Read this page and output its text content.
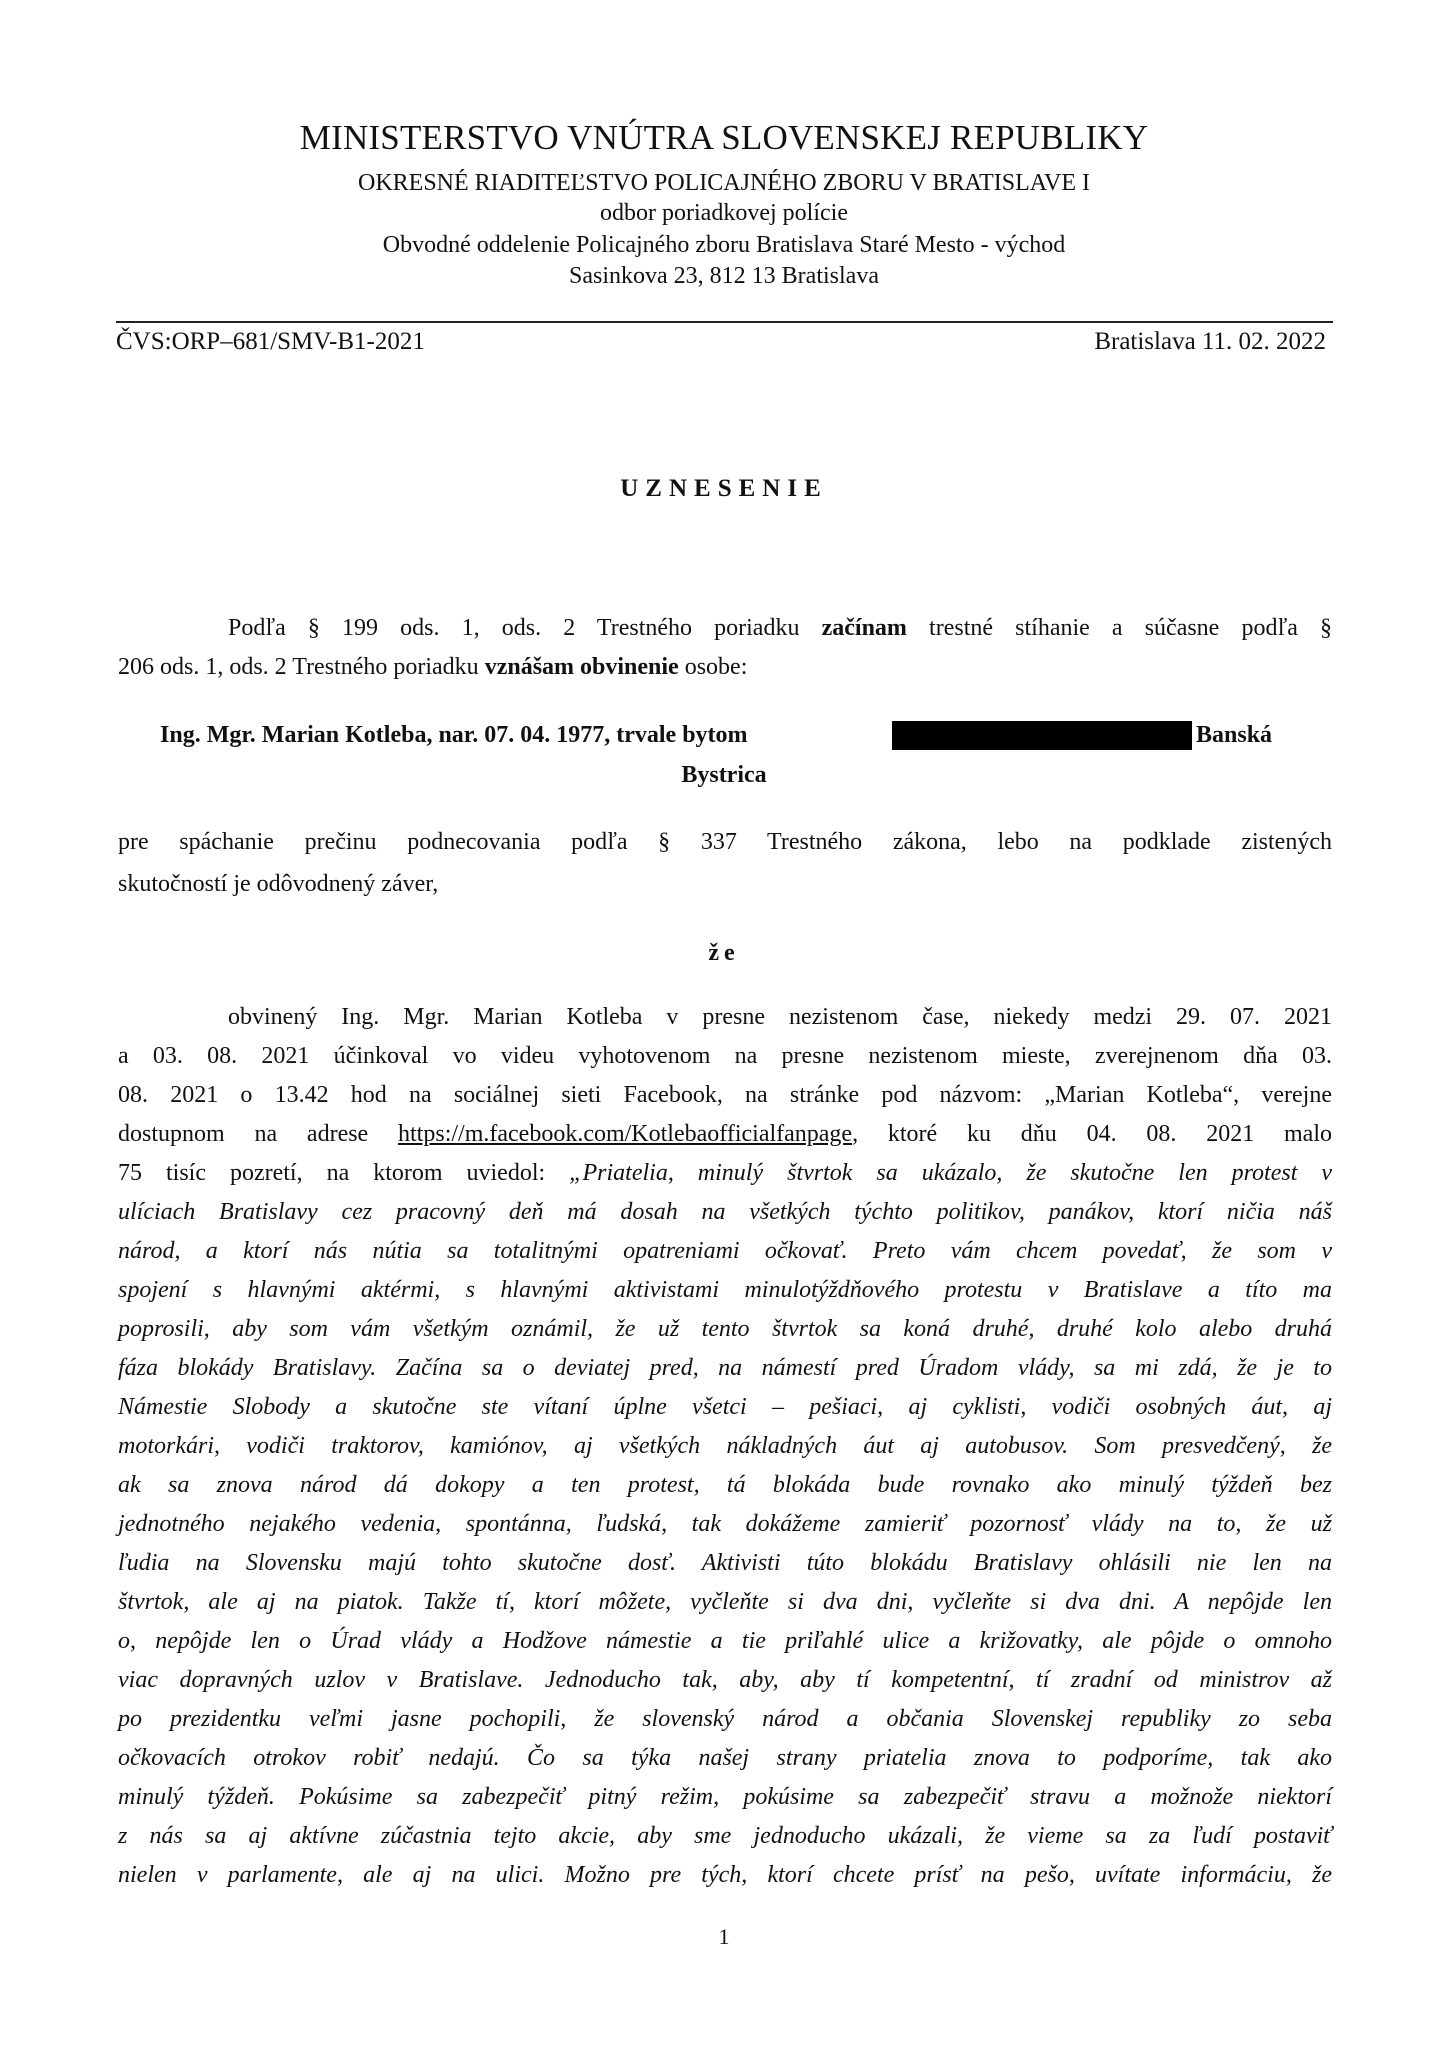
MINISTERSTVO VNÚTRA SLOVENSKEJ REPUBLIKY
OKRESNÉ RIADITEĽSTVO POLICAJNÉHO ZBORU V BRATISLAVE I
odbor poriadkovej polície
Obvodné oddelenie Policajného zboru Bratislava Staré Mesto - východ
Sasinkova 23, 812 13 Bratislava
ČVS:ORP–681/SMV-B1-2021	Bratislava 11. 02. 2022
UZNESENIE
Podľa § 199 ods. 1, ods. 2 Trestného poriadku začínam trestné stíhanie a súčasne podľa §
206 ods. 1, ods. 2 Trestného poriadku vznášam obvinenie osobe:
Ing. Mgr. Marian Kotleba, nar. 07. 04. 1977, trvale bytom	Banská
Bystrica
pre spáchanie prečinu podnecovania podľa § 337 Trestného zákona, lebo na podklade zistených
skutočností je odôvodnený záver,
že
obvinený Ing. Mgr. Marian Kotleba v presne nezistenom čase, niekedy medzi 29. 07. 2021
a 03. 08. 2021 účinkoval vo videu vyhotovenom na presne nezistenom mieste, zverejnenom dňa 03.
08. 2021 o 13.42 hod na sociálnej sieti Facebook, na stránke pod názvom: „Marian Kotleba“, verejne
dostupnom na adrese https://m.facebook.com/Kotlebaofficialfanpage, ktoré ku dňu 04. 08. 2021 malo
75 tisíc pozretí, na ktorom uviedol: „Priatelia, minulý štvrtok sa ukázalo, že skutočne len protest v
ulíciach Bratislavy cez pracovný deň má dosah na všetkých týchto politikov, panákov, ktorí ničia náš
národ, a ktorí nás nútia sa totalitnými opatreniami očkovať. Preto vám chcem povedať, že som v
spojení s hlavnými aktérmi, s hlavnými aktivistami minulotýždňového protestu v Bratislave a títo ma
poprosili, aby som vám všetkým oznámil, že už tento štvrtok sa koná druhé, druhé kolo alebo druhá
fáza blokády Bratislavy. Začína sa o deviatej pred, na námestí pred Úradom vlády, sa mi zdá, že je to
Námestie Slobody a skutočne ste vítaní úplne všetci – pešiaci, aj cyklisti, vodiči osobných áut, aj
motorkári, vodiči traktorov, kamiónov, aj všetkých nákladných áut aj autobusov. Som presvedčený, že
ak sa znova národ dá dokopy a ten protest, tá blokáda bude rovnako ako minulý týždeň bez
jednotného nejakého vedenia, spontánna, ľudská, tak dokážeme zamieriť pozornosť vlády na to, že už
ľudia na Slovensku majú tohto skutočne dosť. Aktivisti túto blokádu Bratislavy ohlásili nie len na
štvrtok, ale aj na piatok. Takže tí, ktorí môžete, vyčleňte si dva dni, vyčleňte si dva dni. A nepôjde len
o, nepôjde len o Úrad vlády a Hodžove námestie a tie priľahlé ulice a križovatky, ale pôjde o omnoho
viac dopravných uzlov v Bratislave. Jednoducho tak, aby, aby tí kompetentní, tí zradní od ministrov až
po prezidentku veľmi jasne pochopili, že slovenský národ a občania Slovenskej republiky zo seba
očkovacích otrokov robiť nedajú. Čo sa týka našej strany priatelia znova to podporíme, tak ako
minulý týždeň. Pokúsime sa zabezpečiť pitný režim, pokúsime sa zabezpečiť stravu a možnože niektorí
z nás sa aj aktívne zúčastnia tejto akcie, aby sme jednoducho ukázali, že vieme sa za ľudí postaviť
nielen v parlamente, ale aj na ulici. Možno pre tých, ktorí chcete prísť na pešo, uvítate informáciu, že
1
